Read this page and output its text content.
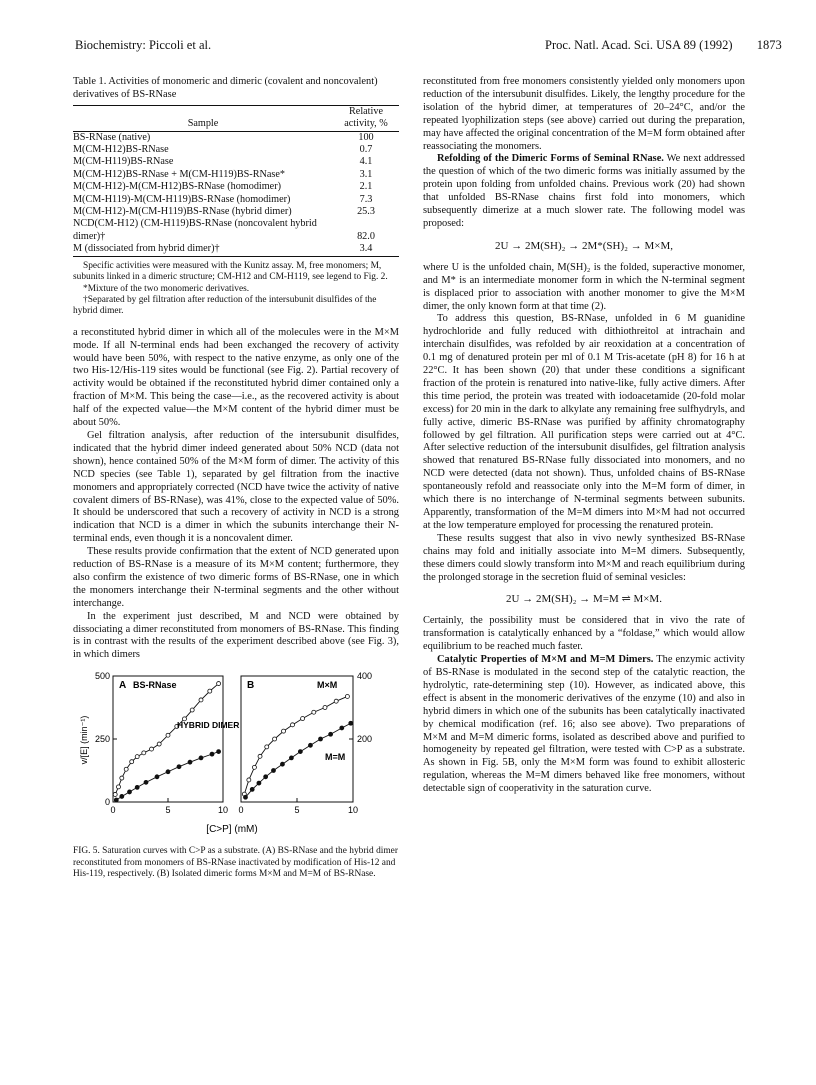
Biochemistry: Piccoli et al.	Proc. Natl. Acad. Sci. USA 89 (1992) 1873
Table 1. Activities of monomeric and dimeric (covalent and noncovalent) derivatives of BS-RNase
Sample	Relative activity, %
BS-RNase (native)	100
M(CM-H12)BS-RNase	0.7
M(CM-H119)BS-RNase	4.1
M(CM-H12)BS-RNase + M(CM-H119)BS-RNase*	3.1
M(CM-H12)-M(CM-H12)BS-RNase (homodimer)	2.1
M(CM-H119)-M(CM-H119)BS-RNase (homodimer)	7.3
M(CM-H12)-M(CM-H119)BS-RNase (hybrid dimer)	25.3
NCD(CM-H12) (CM-H119)BS-RNase (noncovalent hybrid dimer)†	82.0
M (dissociated from hybrid dimer)†	3.4

Specific activities were measured with the Kunitz assay. M, free monomers; M, subunits linked in a dimeric structure; CM-H12 and CM-H119, see legend to Fig. 2.

*Mixture of the two monomeric derivatives.

†Separated by gel filtration after reduction of the intersubunit disulfides of the hybrid dimer.

a reconstituted hybrid dimer in which all of the molecules were in the M×M mode. If all N-terminal ends had been exchanged the recovery of activity would have been 50%, with respect to the native enzyme, as only one of the two His-12/His-119 sites would be functional (see Fig. 2). Partial recovery of activity would be obtained if the reconstituted hybrid dimer contained only a fraction of M×M. This being the case—i.e., as the recovered activity is about half of the expected value—the M×M content of the hybrid dimer must be about 50%.

Gel filtration analysis, after reduction of the intersubunit disulfides, indicated that the hybrid dimer indeed generated about 50% NCD (data not shown), hence contained 50% of the M×M form of dimer. The activity of this NCD species (see Table 1), separated by gel filtration from the inactive monomers and appropriately corrected (NCD have twice the activity of native covalent dimers of BS-RNase), was 41%, close to the expected value of 50%. It should be underscored that such a recovery of activity in NCD is a strong indication that NCD is a dimer in which the subunits interchange their N-terminal ends, even though it is a noncovalent dimer.

These results provide confirmation that the extent of NCD generated upon reduction of BS-RNase is a measure of its M×M content; furthermore, they also confirm the existence of two dimeric forms of BS-RNase, one in which the monomers interchange their N-terminal segments and the other without interchange.

In the experiment just described, M and NCD were obtained by dissociating a dimer reconstituted from monomers of BS-RNase. This finding is in contrast with the results of the experiment described above (see Fig. 3), in which dimers

0	5	10
500
250
0
A BS-RNase
HYBRID DIMER
0	5	10
400
200
B	M×M
M=M
v/[E] (min⁻¹)
[C>P] (mM)
FIG. 5. Saturation curves with C>P as a substrate. (A) BS-RNase and the hybrid dimer reconstituted from monomers of BS-RNase inactivated by modification of His-12 and His-119, respectively. (B) Isolated dimeric forms M×M and M=M of BS-RNase.

reconstituted from free monomers consistently yielded only monomers upon reduction of the intersubunit disulfides. Likely, the lengthy procedure for the isolation of the hybrid dimer, at temperatures of 20–24°C, and/or the repeated lyophilization steps (see above) carried out during the preparation, may have affected the original concentration of the M=M form obtained after reassociating the monomers.

Refolding of the Dimeric Forms of Seminal RNase. We next addressed the question of which of the two dimeric forms was initially assumed by the protein upon folding from unfolded chains. Previous work (20) had shown that unfolded BS-RNase chains first fold into monomers, which subsequently dimerize at a much slower rate. The following model was proposed:

2U → 2M(SH)₂ → 2M*(SH)₂ → M×M,

where U is the unfolded chain, M(SH)₂ is the folded, superactive monomer, and M* is an intermediate monomer form in which the N-terminal segment is displaced prior to association with another monomer to give the M×M dimer, the only known form at that time (2).

To address this question, BS-RNase, unfolded in 6 M guanidine hydrochloride and fully reduced with dithiothreitol at intrachain and interchain disulfides, was refolded by air reoxidation at a concentration of 0.1 mg of denatured protein per ml of 0.1 M Tris-acetate (pH 8) for 16 h at 22°C. It has been shown (20) that under these conditions a significant fraction of the protein is renatured into native-like, fully active dimers. After this time period, the protein was treated with iodoacetamide (20-fold molar excess) for 20 min in the dark to alkylate any remaining free sulfhydryls, and fully active, dimeric BS-RNase was purified by affinity chromatography followed by gel filtration. All purification steps were carried out at 4°C. After selective reduction of the intersubunit disulfides, gel filtration analysis showed that renatured BS-RNase fully dissociated into monomers, and no NCD were detected (data not shown). Thus, unfolded chains of BS-RNase spontaneously refold and reassociate only into the M=M form of dimer, in which there is no interchange of N-terminal segments between subunits. Apparently, transformation of the M=M dimers into M×M had not occurred at the low temperature employed for processing the renatured protein.

These results suggest that also in vivo newly synthesized BS-RNase chains may fold and initially associate into M=M dimers. Subsequently, these dimers could slowly transform into M×M and reach equilibrium during the prolonged storage in the secretion fluid of seminal vesicles:

2U → 2M(SH)₂ → M=M ⇌ M×M.

Certainly, the possibility must be considered that in vivo the rate of transformation is catalytically enhanced by a “foldase,” which would allow equilibrium to be reached much faster.

Catalytic Properties of M×M and M=M Dimers. The enzymic activity of BS-RNase is modulated in the second step of the catalytic reaction, the hydrolytic, rate-determining step (10). However, as indicated above, this effect is absent in the monomeric derivatives of the enzyme (10) and also in hybrid dimers in which one of the subunits has been catalytically inactivated by chemical modification (ref. 16; also see above). Two preparations of M×M and M=M dimeric forms, isolated as described above and purified to homogeneity by repeated gel filtration, were tested with C>P as a substrate. As shown in Fig. 5B, only the M×M form was found to exhibit allosteric regulation, whereas the M=M dimers behaved like free monomers, without detectable sign of cooperativity in the saturation curve.
